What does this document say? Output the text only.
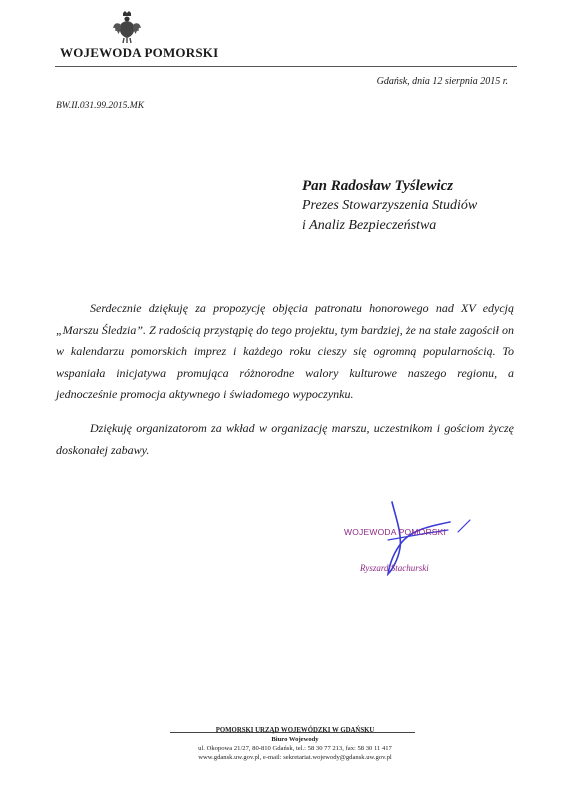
WOJEWODA POMORSKI
Gdańsk, dnia 12 sierpnia 2015 r.
BW.II.031.99.2015.MK
Pan Radosław Tyślewicz
Prezes Stowarzyszenia Studiów
i Analiz Bezpieczeństwa

Serdecznie dziękuję za propozycję objęcia patronatu honorowego nad XV edycją „Marszu Śledzia”. Z radością przystąpię do tego projektu, tym bardziej, że na stałe zagościł on w kalendarzu pomorskich imprez i każdego roku cieszy się ogromną popularnością. To wspaniała inicjatywa promująca różnorodne walory kulturowe naszego regionu, a jednocześnie promocja aktywnego i świadomego wypoczynku.

Dziękuję organizatorom za wkład w organizację marszu, uczestnikom i gościom życzę doskonałej zabawy.

WOJEWODA POMORSKI
Ryszard Stachurski
POMORSKI URZĄD WOJEWÓDZKI W GDAŃSKU
Biuro Wojewody
ul. Okopowa 21/27, 80-810 Gdańsk, tel.: 58 30 77 213, fax: 58 30 11 417
www.gdansk.uw.gov.pl, e-mail: sekretariat.wojewody@gdansk.uw.gov.pl
